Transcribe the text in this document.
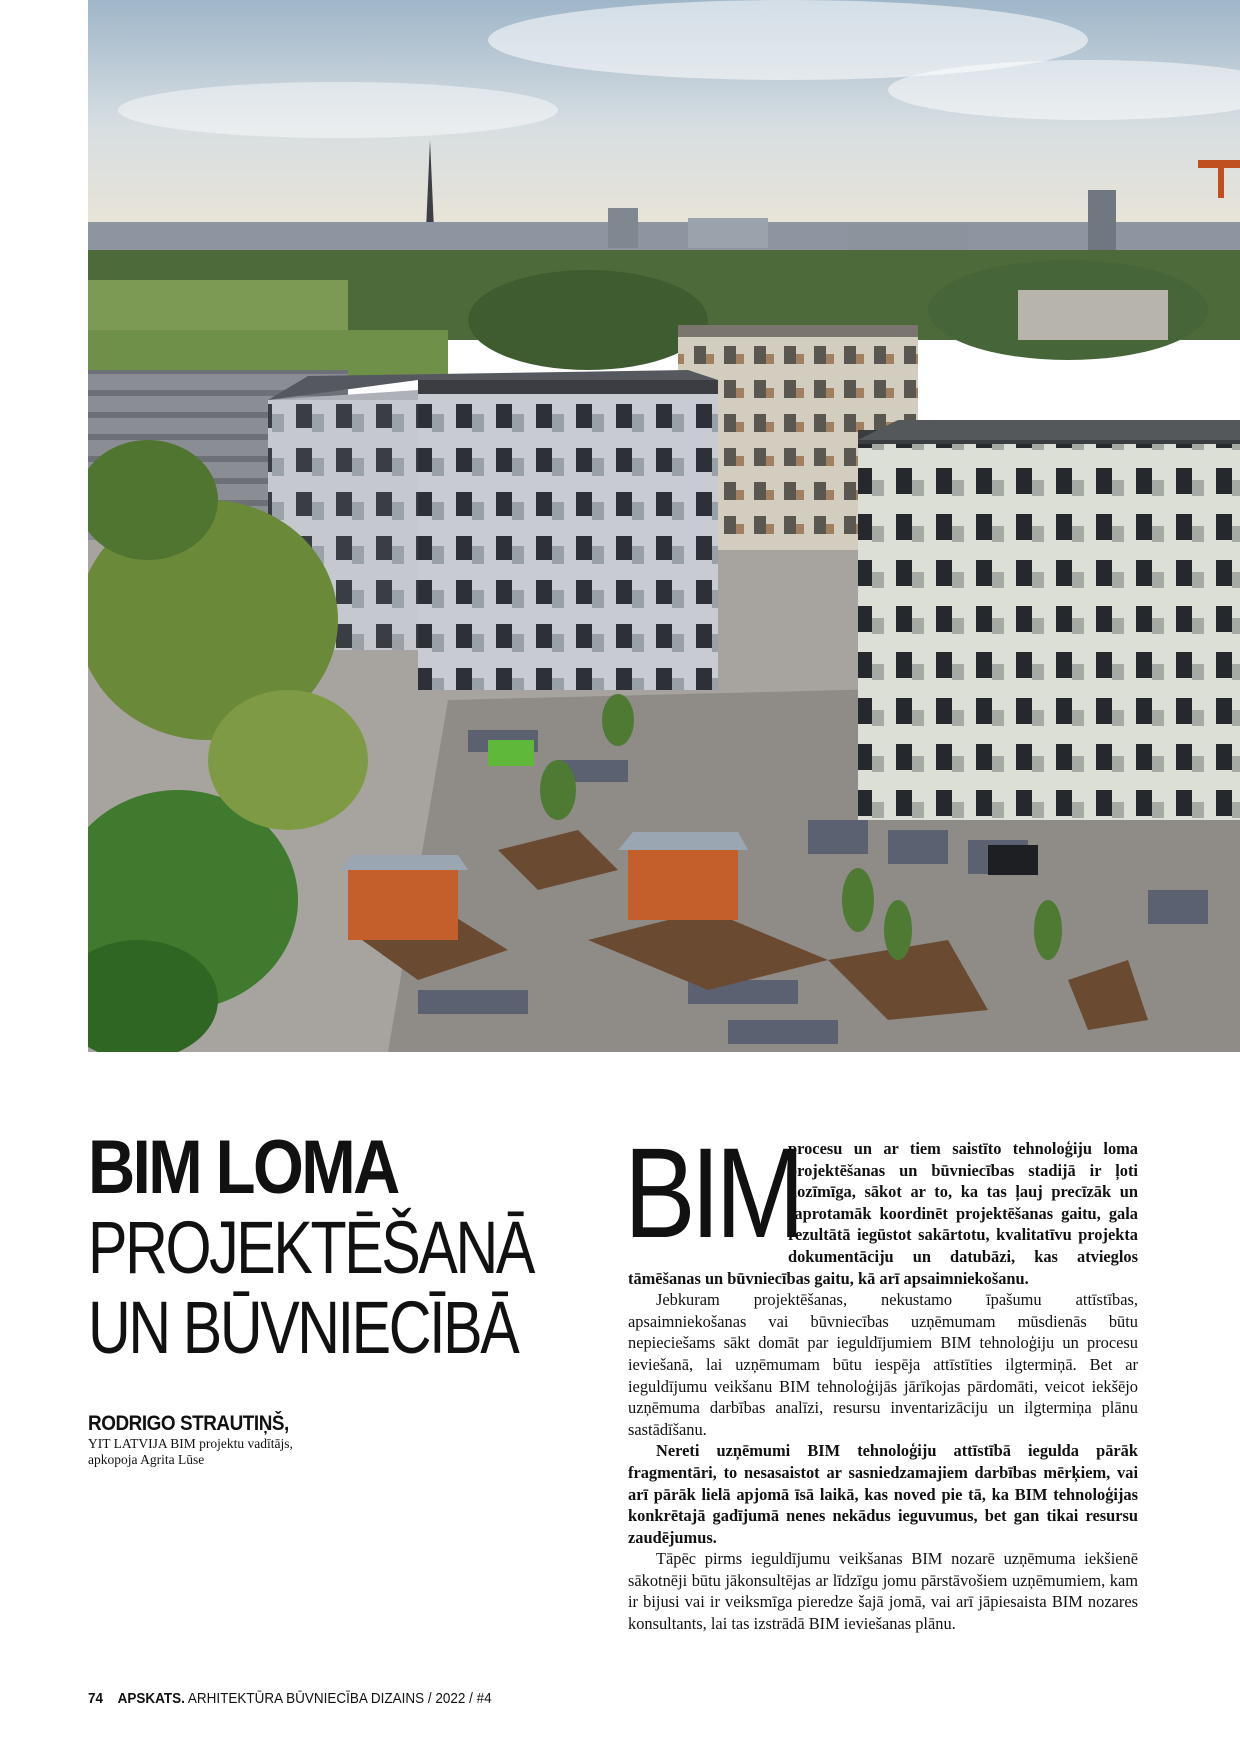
BIM LOMA
PROJEKTĒŠANĀ
UN BŪVNIECĪBĀ
RODRIGO STRAUTIŅŠ,
YIT LATVIJA BIM projektu vadītājs,
apkopoja Agrita Lūse
BIM

procesu un ar tiem saistīto tehnoloģiju loma projektēšanas un būvniecības stadijā ir ļoti nozīmīga, sākot ar to, ka tas ļauj precīzāk un saprotamāk koordinēt projektēšanas gaitu, gala rezultātā iegūstot sakārtotu, kvalitatīvu projekta dokumentāciju un datubāzi, kas atvieglos tāmēšanas un būvniecības gaitu, kā arī apsaimniekošanu.

Jebkuram projektēšanas, nekustamo īpašumu attīstības, apsaimniekošanas vai būvniecības uzņēmumam mūsdienās būtu nepieciešams sākt domāt par ieguldījumiem BIM tehnoloģiju un procesu ieviešanā, lai uzņēmumam būtu iespēja attīstīties ilgtermiņā. Bet ar ieguldījumu veikšanu BIM tehnoloģijās jārīkojas pārdomāti, veicot iekšējo uzņēmuma darbības analīzi, resursu inventarizāciju un ilgtermiņa plānu sastādīšanu.

Nereti uzņēmumi BIM tehnoloģiju attīstībā iegulda pārāk fragmentāri, to nesasaistot ar sasniedzamajiem darbības mērķiem, vai arī pārāk lielā apjomā īsā laikā, kas noved pie tā, ka BIM tehnoloģijas konkrētajā gadījumā nenes nekādus ieguvumus, bet gan tikai resursu zaudējumus.

Tāpēc pirms ieguldījumu veikšanas BIM nozarē uzņēmuma iekšienē sākotnēji būtu jākonsultējas ar līdzīgu jomu pārstāvošiem uzņēmumiem, kam ir bijusi vai ir veiksmīga pieredze šajā jomā, vai arī jāpiesaista BIM nozares konsultants, lai tas izstrādā BIM ieviešanas plānu.

74 APSKATS. ARHITEKTŪRA BŪVNIECĪBA DIZAINS / 2022 / #4
